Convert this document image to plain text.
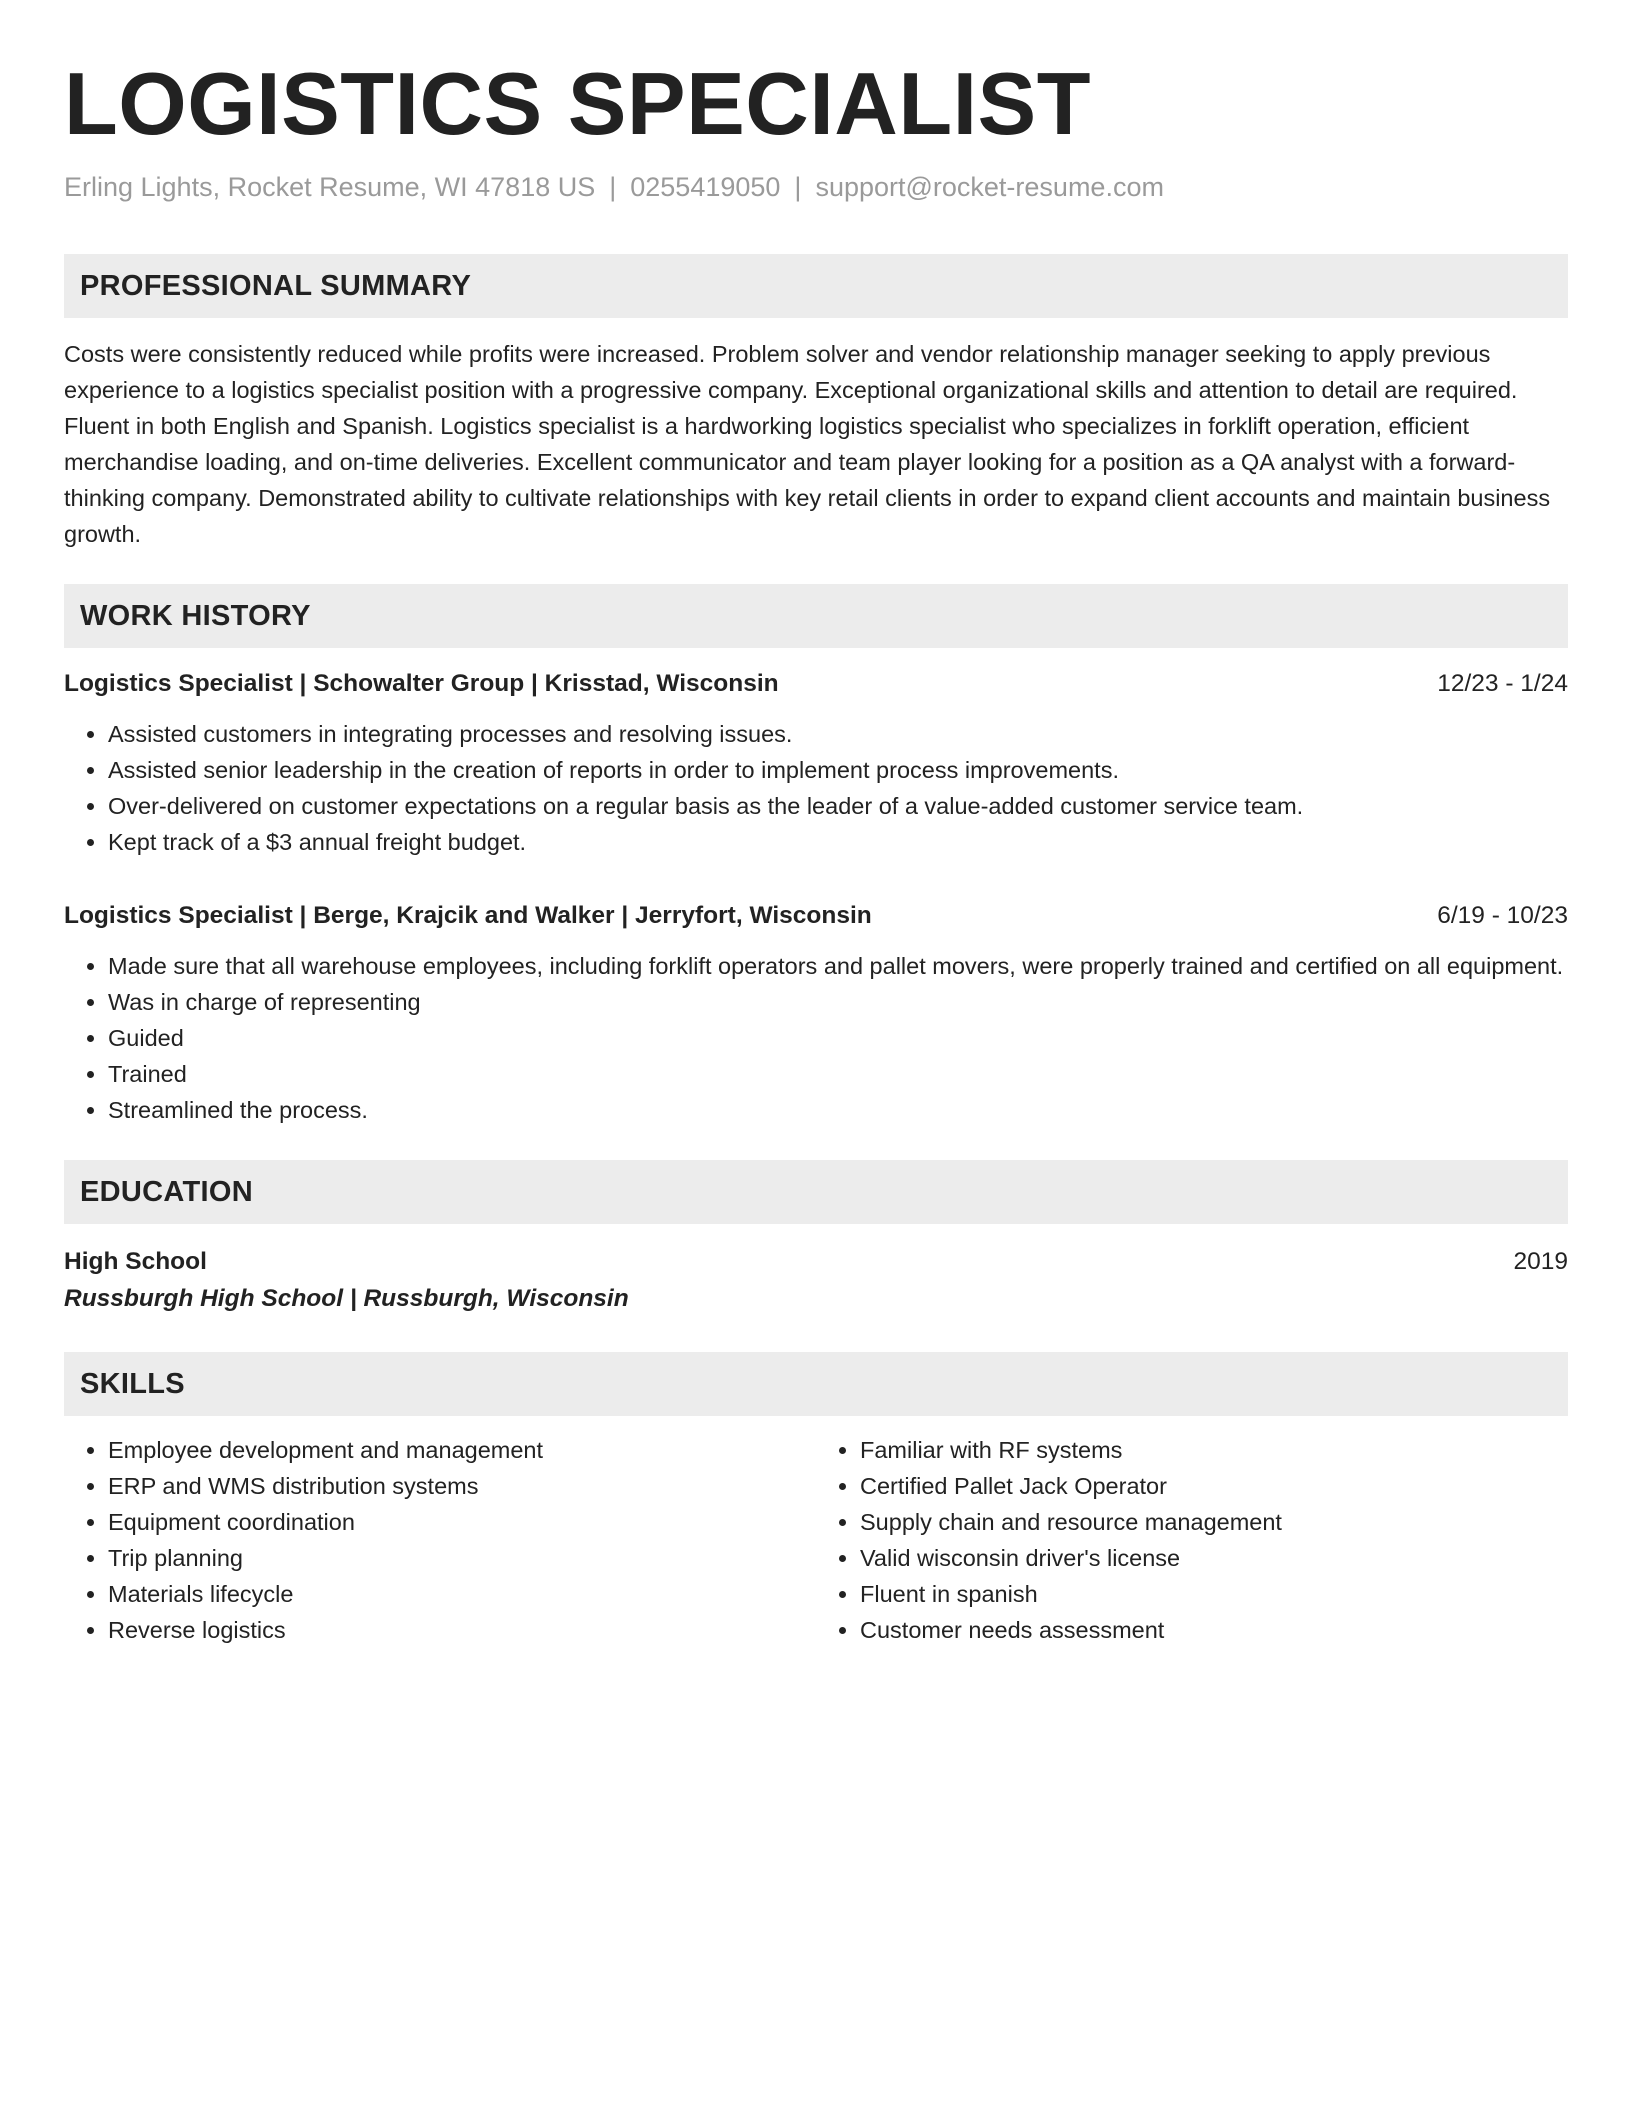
LOGISTICS SPECIALIST
Erling Lights, Rocket Resume, WI 47818 US | 0255419050 | support@rocket-resume.com
PROFESSIONAL SUMMARY
Costs were consistently reduced while profits were increased. Problem solver and vendor relationship manager seeking to apply previous experience to a logistics specialist position with a progressive company. Exceptional organizational skills and attention to detail are required. Fluent in both English and Spanish. Logistics specialist is a hardworking logistics specialist who specializes in forklift operation, efficient merchandise loading, and on-time deliveries. Excellent communicator and team player looking for a position as a QA analyst with a forward-thinking company. Demonstrated ability to cultivate relationships with key retail clients in order to expand client accounts and maintain business growth.
WORK HISTORY
Logistics Specialist | Schowalter Group | Krisstad, Wisconsin	12/23 - 1/24
• Assisted customers in integrating processes and resolving issues.
• Assisted senior leadership in the creation of reports in order to implement process improvements.
• Over-delivered on customer expectations on a regular basis as the leader of a value-added customer service team.
• Kept track of a $3 annual freight budget.
Logistics Specialist | Berge, Krajcik and Walker | Jerryfort, Wisconsin	6/19 - 10/23
• Made sure that all warehouse employees, including forklift operators and pallet movers, were properly trained and certified on all equipment.
• Was in charge of representing
• Guided
• Trained
• Streamlined the process.
EDUCATION
High School	2019
Russburgh High School | Russburgh, Wisconsin
SKILLS
• Employee development and management
• ERP and WMS distribution systems
• Equipment coordination
• Trip planning
• Materials lifecycle
• Reverse logistics
• Familiar with RF systems
• Certified Pallet Jack Operator
• Supply chain and resource management
• Valid wisconsin driver's license
• Fluent in spanish
• Customer needs assessment
